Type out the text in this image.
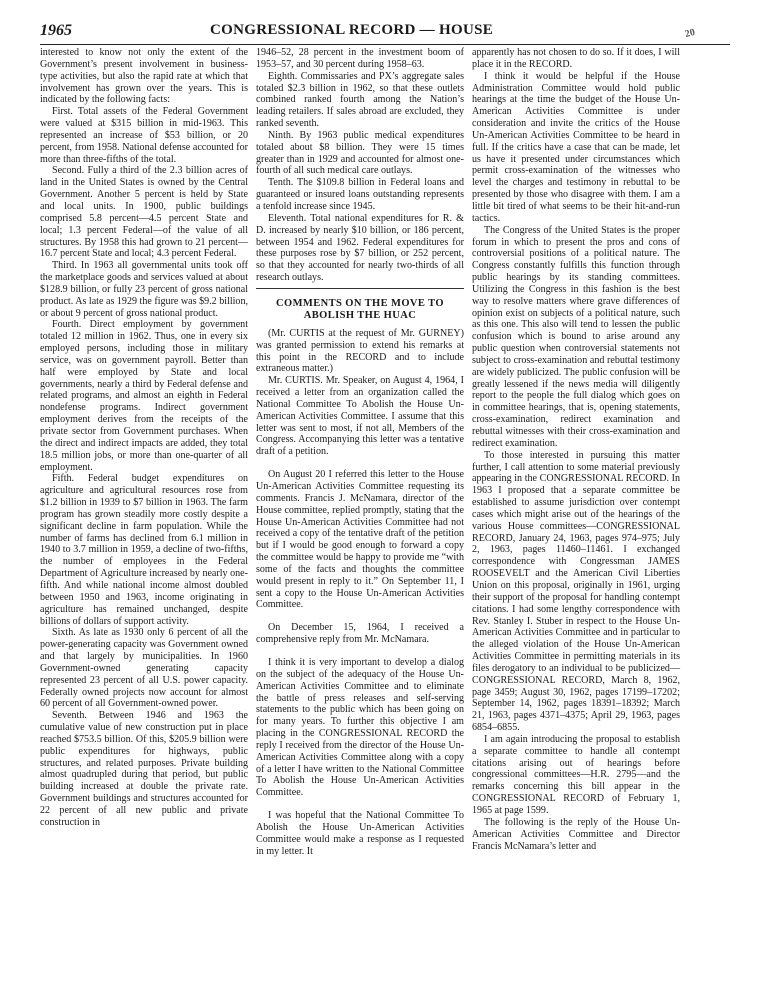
1965	CONGRESSIONAL RECORD — HOUSE	20

interested to know not only the extent of the Government’s present involvement in business-type activities, but also the rapid rate at which that involvement has grown over the years. This is indicated by the following facts:

First. Total assets of the Federal Government were valued at $315 billion in mid-1963. This represented an increase of $53 billion, or 20 percent, from 1958. National defense accounted for more than three-fifths of the total.

Second. Fully a third of the 2.3 billion acres of land in the United States is owned by the Central Government. Another 5 percent is held by State and local units. In 1900, public buildings comprised 5.8 percent—4.5 percent State and local; 1.3 percent Federal—of the value of all structures. By 1958 this had grown to 21 percent—16.7 percent State and local; 4.3 percent Federal.

Third. In 1963 all governmental units took off the marketplace goods and services valued at about $128.9 billion, or fully 23 percent of gross national product. As late as 1929 the figure was $9.2 billion, or about 9 percent of gross national product.

Fourth. Direct employment by government totaled 12 million in 1962. Thus, one in every six employed persons, including those in military service, was on government payroll. Better than half were employed by State and local governments, nearly a third by Federal defense and related programs, and almost an eighth in Federal nondefense programs. Indirect government employment derives from the receipts of the private sector from Government purchases. When the direct and indirect impacts are added, they total 18.5 million jobs, or more than one-quarter of all employment.

Fifth. Federal budget expenditures on agriculture and agricultural resources rose from $1.2 billion in 1939 to $7 billion in 1963. The farm program has grown steadily more costly despite a significant decline in farm population. While the number of farms has declined from 6.1 million in 1940 to 3.7 million in 1959, a decline of two-fifths, the number of employees in the Federal Department of Agriculture increased by nearly one-fifth. And while national income almost doubled between 1950 and 1963, income originating in agriculture has remained unchanged, despite billions of dollars of support activity.

Sixth. As late as 1930 only 6 percent of all the power-generating capacity was Government owned and that largely by municipalities. In 1960 Government-owned generating capacity represented 23 percent of all U.S. power capacity. Federally owned projects now account for almost 60 percent of all Government-owned power.

Seventh. Between 1946 and 1963 the cumulative value of new construction put in place reached $753.5 billion. Of this, $205.9 billion were public expenditures for highways, public structures, and related purposes. Private building almost quadrupled during that period, but public building increased at double the private rate. Government buildings and structures accounted for 22 percent of all new public and private construction in

1946–52, 28 percent in the investment boom of 1953–57, and 30 percent during 1958–63.

Eighth. Commissaries and PX’s aggregate sales totaled $2.3 billion in 1962, so that these outlets combined ranked fourth among the Nation’s leading retailers. If sales abroad are excluded, they ranked seventh.

Ninth. By 1963 public medical expenditures totaled about $8 billion. They were 15 times greater than in 1929 and accounted for almost one-fourth of all such medical care outlays.

Tenth. The $109.8 billion in Federal loans and guaranteed or insured loans outstanding represents a tenfold increase since 1945.

Eleventh. Total national expenditures for R. & D. increased by nearly $10 billion, or 186 percent, between 1954 and 1962. Federal expenditures for these purposes rose by $7 billion, or 252 percent, so that they accounted for nearly two-thirds of all research outlays.

COMMENTS ON THE MOVE TO ABOLISH THE HUAC

(Mr. CURTIS at the request of Mr. GURNEY) was granted permission to extend his remarks at this point in the RECORD and to include extraneous matter.)

Mr. CURTIS. Mr. Speaker, on August 4, 1964, I received a letter from an organization called the National Committee To Abolish the House Un-American Activities Committee. I assume that this letter was sent to most, if not all, Members of the Congress. Accompanying this letter was a tentative draft of a petition.

On August 20 I referred this letter to the House Un-American Activities Committee requesting its comments. Francis J. McNamara, director of the House committee, replied promptly, stating that the House Un-American Activities Committee had not received a copy of the tentative draft of the petition but if I would be good enough to forward a copy the committee would be happy to provide me “with some of the facts and thoughts the committee would present in reply to it.” On September 11, I sent a copy to the House Un-American Activities Committee.

On December 15, 1964, I received a comprehensive reply from Mr. McNamara.

I think it is very important to develop a dialog on the subject of the adequacy of the House Un-American Activities Committee and to eliminate the battle of press releases and self-serving statements to the public which has been going on for many years. To further this objective I am placing in the CONGRESSIONAL RECORD the reply I received from the director of the House Un-American Activities Committee along with a copy of a letter I have written to the National Committee To Abolish the House Un-American Activities Committee.

I was hopeful that the National Committee To Abolish the House Un-American Activities Committee would make a response as I requested in my letter. It

apparently has not chosen to do so. If it does, I will place it in the RECORD.

I think it would be helpful if the House Administration Committee would hold public hearings at the time the budget of the House Un-American Activities Committee is under consideration and invite the critics of the House Un-American Activities Committee to be heard in full. If the critics have a case that can be made, let us have it presented under circumstances which permit cross-examination of the witnesses who level the charges and testimony in rebuttal to be presented by those who disagree with them. I am a little bit tired of what seems to be their hit-and-run tactics.

The Congress of the United States is the proper forum in which to present the pros and cons of controversial positions of a political nature. The Congress constantly fulfills this function through public hearings by its standing committees. Utilizing the Congress in this fashion is the best way to resolve matters where grave differences of opinion exist on subjects of a political nature, such as this one. This also will tend to lessen the public confusion which is bound to arise around any public question when controversial statements not subject to cross-examination and rebuttal testimony are widely publicized. The public confusion will be greatly lessened if the news media will diligently report to the people the full dialog which goes on in committee hearings, that is, opening statements, cross-examination, redirect examination and rebuttal witnesses with their cross-examination and redirect examination.

To those interested in pursuing this matter further, I call attention to some material previously appearing in the CONGRESSIONAL RECORD. In 1963 I proposed that a separate committee be established to assume jurisdiction over contempt cases which might arise out of the hearings of the various House committees—CONGRESSIONAL RECORD, January 24, 1963, pages 974–975; July 2, 1963, pages 11460–11461. I exchanged correspondence with Congressman JAMES ROOSEVELT and the American Civil Liberties Union on this proposal, originally in 1961, urging their support of the proposal for handling contempt citations. I had some lengthy correspondence with Rev. Stanley I. Stuber in respect to the House Un-American Activities Committee and in particular to the alleged violation of the House Un-American Activities Committee in permitting materials in its files derogatory to an individual to be publicized—CONGRESSIONAL RECORD, March 8, 1962, page 3459; August 30, 1962, pages 17199–17202; September 14, 1962, pages 18391–18392; March 21, 1963, pages 4371–4375; April 29, 1963, pages 6854–6855.

I am again introducing the proposal to establish a separate committee to handle all contempt citations arising out of hearings before congressional committees—H.R. 2795—and the remarks concerning this bill appear in the CONGRESSIONAL RECORD of February 1, 1965 at page 1599.

The following is the reply of the House Un-American Activities Committee and Director Francis McNamara’s letter and
